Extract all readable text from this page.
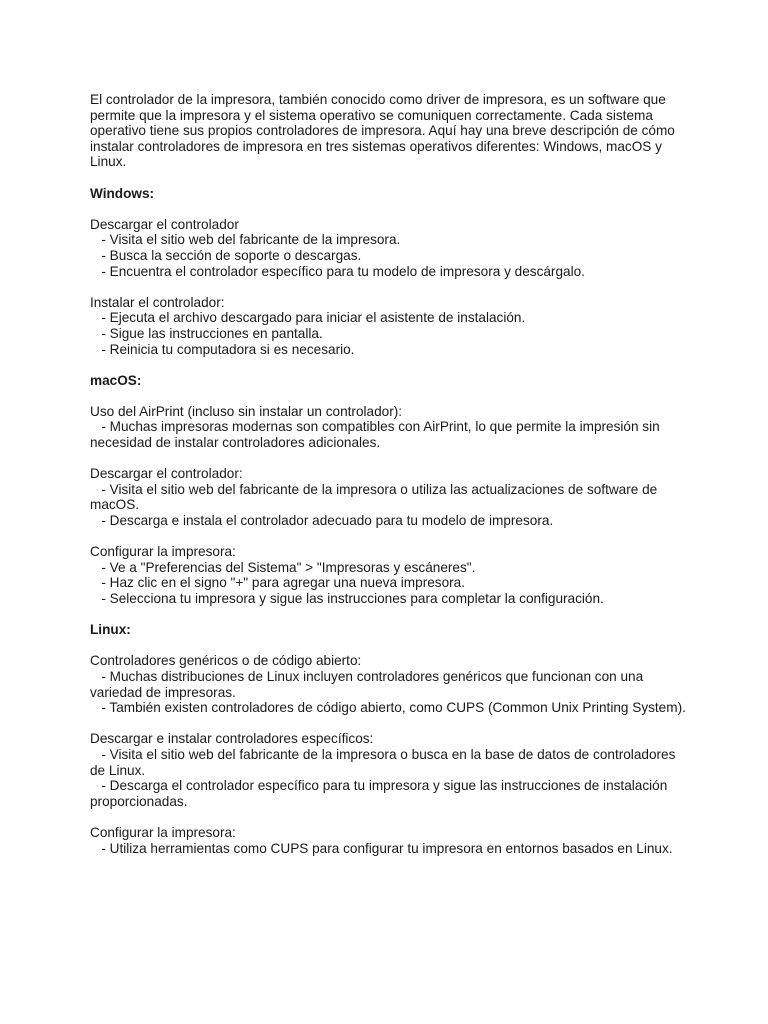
El controlador de la impresora, también conocido como driver de impresora, es un software que permite que la impresora y el sistema operativo se comuniquen correctamente. Cada sistema operativo tiene sus propios controladores de impresora. Aquí hay una breve descripción de cómo instalar controladores de impresora en tres sistemas operativos diferentes: Windows, macOS y Linux.

Windows:

Descargar el controlador

- Visita el sitio web del fabricante de la impresora.

- Busca la sección de soporte o descargas.

- Encuentra el controlador específico para tu modelo de impresora y descárgalo.

Instalar el controlador:

- Ejecuta el archivo descargado para iniciar el asistente de instalación.

- Sigue las instrucciones en pantalla.

- Reinicia tu computadora si es necesario.

macOS:

Uso del AirPrint (incluso sin instalar un controlador):

- Muchas impresoras modernas son compatibles con AirPrint, lo que permite la impresión sin necesidad de instalar controladores adicionales.

Descargar el controlador:

- Visita el sitio web del fabricante de la impresora o utiliza las actualizaciones de software de macOS.

- Descarga e instala el controlador adecuado para tu modelo de impresora.

Configurar la impresora:

- Ve a "Preferencias del Sistema" > "Impresoras y escáneres".

- Haz clic en el signo "+" para agregar una nueva impresora.

- Selecciona tu impresora y sigue las instrucciones para completar la configuración.

Linux:

Controladores genéricos o de código abierto:

- Muchas distribuciones de Linux incluyen controladores genéricos que funcionan con una variedad de impresoras.

- También existen controladores de código abierto, como CUPS (Common Unix Printing System).

Descargar e instalar controladores específicos:

- Visita el sitio web del fabricante de la impresora o busca en la base de datos de controladores de Linux.

- Descarga el controlador específico para tu impresora y sigue las instrucciones de instalación proporcionadas.

Configurar la impresora:

- Utiliza herramientas como CUPS para configurar tu impresora en entornos basados en Linux.
